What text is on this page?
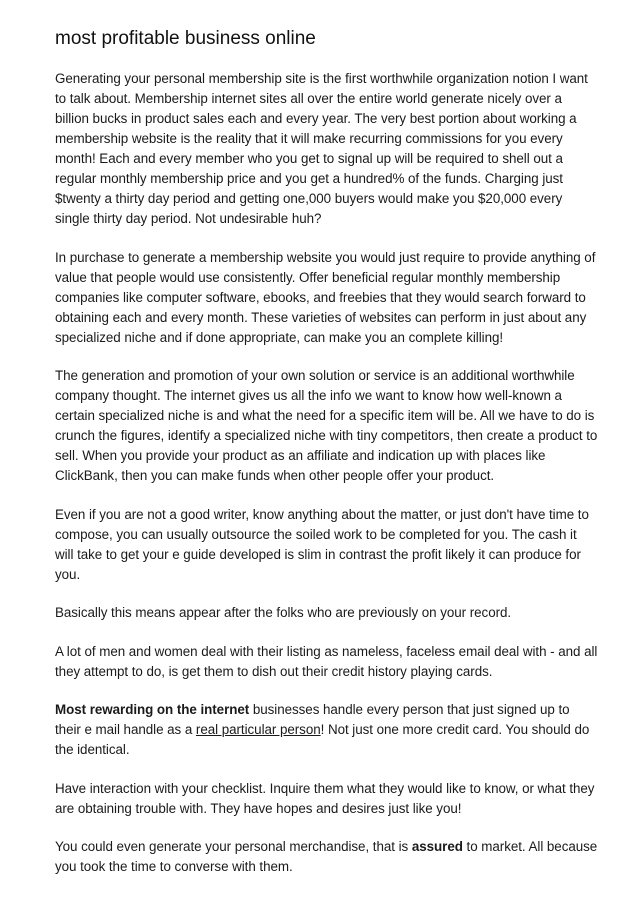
most profitable business online

Generating your personal membership site is the first worthwhile organization notion I want to talk about. Membership internet sites all over the entire world generate nicely over a billion bucks in product sales each and every year. The very best portion about working a membership website is the reality that it will make recurring commissions for you every month! Each and every member who you get to signal up will be required to shell out a regular monthly membership price and you get a hundred% of the funds. Charging just $twenty a thirty day period and getting one,000 buyers would make you $20,000 every single thirty day period. Not undesirable huh?

In purchase to generate a membership website you would just require to provide anything of value that people would use consistently. Offer beneficial regular monthly membership companies like computer software, ebooks, and freebies that they would search forward to obtaining each and every month. These varieties of websites can perform in just about any specialized niche and if done appropriate, can make you an complete killing!

The generation and promotion of your own solution or service is an additional worthwhile company thought. The internet gives us all the info we want to know how well-known a certain specialized niche is and what the need for a specific item will be. All we have to do is crunch the figures, identify a specialized niche with tiny competitors, then create a product to sell. When you provide your product as an affiliate and indication up with places like ClickBank, then you can make funds when other people offer your product.

Even if you are not a good writer, know anything about the matter, or just don't have time to compose, you can usually outsource the soiled work to be completed for you. The cash it will take to get your e guide developed is slim in contrast the profit likely it can produce for you.

Basically this means appear after the folks who are previously on your record.

A lot of men and women deal with their listing as nameless, faceless email deal with - and all they attempt to do, is get them to dish out their credit history playing cards.

Most rewarding on the internet businesses handle every person that just signed up to their e mail handle as a real particular person! Not just one more credit card. You should do the identical.

Have interaction with your checklist. Inquire them what they would like to know, or what they are obtaining trouble with. They have hopes and desires just like you!

You could even generate your personal merchandise, that is assured to market. All because you took the time to converse with them.
